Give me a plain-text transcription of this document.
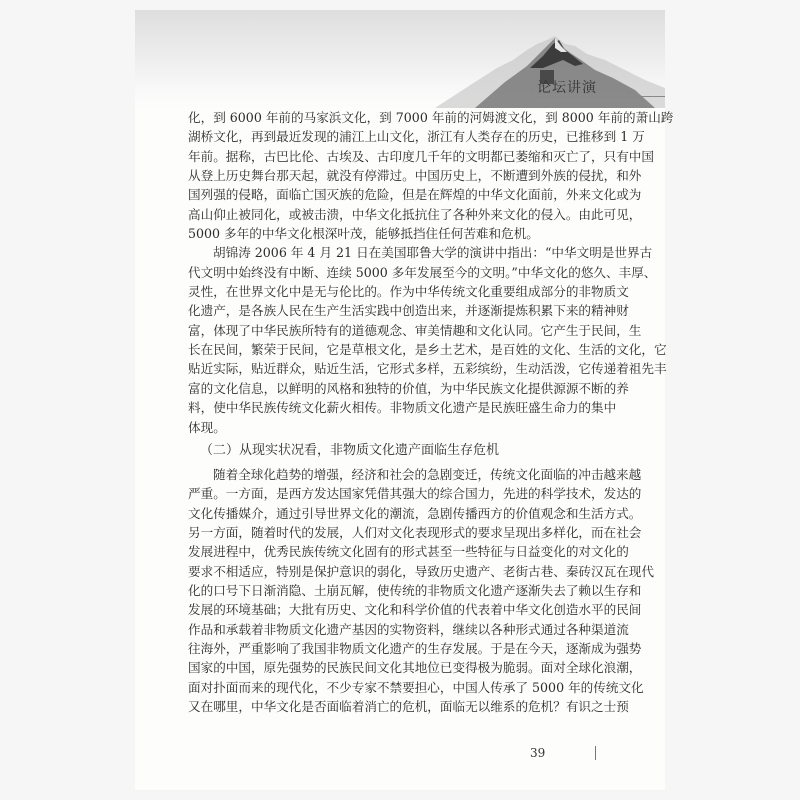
论坛讲演

化，到 6000 年前的马家浜文化，到 7000 年前的河姆渡文化，到 8000 年前的萧山跨
湖桥文化，再到最近发现的浦江上山文化，浙江有人类存在的历史，已推移到 1 万
年前。据称，古巴比伦、古埃及、古印度几千年的文明都已萎缩和灭亡了，只有中国
从登上历史舞台那天起，就没有停滞过。中国历史上，不断遭到外族的侵扰，和外
国列强的侵略，面临亡国灭族的危险，但是在辉煌的中华文化面前，外来文化或为
高山仰止被同化，或被击溃，中华文化抵抗住了各种外来文化的侵入。由此可见，
5000 多年的中华文化根深叶茂，能够抵挡住任何苦难和危机。

胡锦涛 2006 年 4 月 21 日在美国耶鲁大学的演讲中指出：“中华文明是世界古
代文明中始终没有中断、连续 5000 多年发展至今的文明。”中华文化的悠久、丰厚、
灵性，在世界文化中是无与伦比的。作为中华传统文化重要组成部分的非物质文
化遗产，是各族人民在生产生活实践中创造出来，并逐渐提炼积累下来的精神财
富，体现了中华民族所特有的道德观念、审美情趣和文化认同。它产生于民间，生
长在民间，繁荣于民间，它是草根文化，是乡土艺术，是百姓的文化、生活的文化，它
贴近实际，贴近群众，贴近生活，它形式多样，五彩缤纷，生动活泼，它传递着祖先丰
富的文化信息，以鲜明的风格和独特的价值，为中华民族文化提供源源不断的养
料，使中华民族传统文化薪火相传。非物质文化遗产是民族旺盛生命力的集中
体现。

（二）从现实状况看，非物质文化遗产面临生存危机

随着全球化趋势的增强，经济和社会的急剧变迁，传统文化面临的冲击越来越
严重。一方面，是西方发达国家凭借其强大的综合国力，先进的科学技术，发达的
文化传播媒介，通过引导世界文化的潮流，急剧传播西方的价值观念和生活方式。
另一方面，随着时代的发展，人们对文化表现形式的要求呈现出多样化，而在社会
发展进程中，优秀民族传统文化固有的形式甚至一些特征与日益变化的对文化的
要求不相适应，特别是保护意识的弱化，导致历史遗产、老街古巷、秦砖汉瓦在现代
化的口号下日渐消隐、土崩瓦解，使传统的非物质文化遗产逐渐失去了赖以生存和
发展的环境基础；大批有历史、文化和科学价值的代表着中华文化创造水平的民间
作品和承载着非物质文化遗产基因的实物资料，继续以各种形式通过各种渠道流
往海外，严重影响了我国非物质文化遗产的生存发展。于是在今天，逐渐成为强势
国家的中国，原先强势的民族民间文化其地位已变得极为脆弱。面对全球化浪潮，
面对扑面而来的现代化，不少专家不禁要担心，中国人传承了 5000 年的传统文化
又在哪里，中华文化是否面临着消亡的危机，面临无以维系的危机？有识之士预

39
